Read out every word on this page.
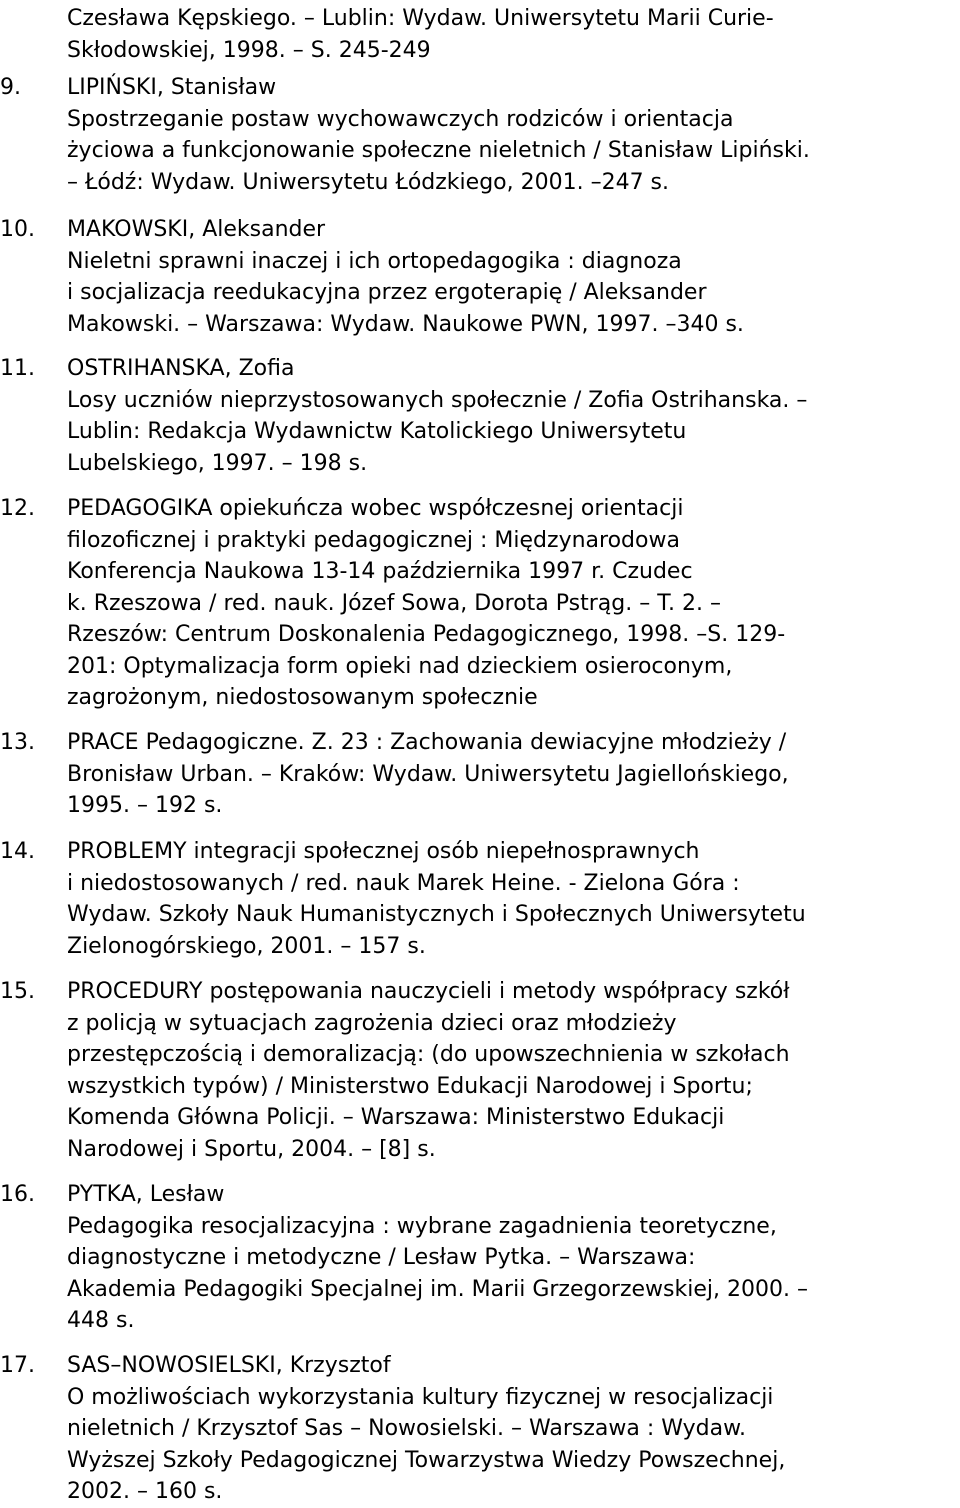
Czesława Kępskiego. – Lublin: Wydaw. Uniwersytetu Marii Curie-
Skłodowskiej, 1998. – S. 245-249
9.	LIPIŃSKI, Stanisław
Spostrzeganie postaw wychowawczych rodziców i orientacja
życiowa a funkcjonowanie społeczne nieletnich / Stanisław Lipiński.
– Łódź: Wydaw. Uniwersytetu Łódzkiego, 2001. –247 s.
10.	MAKOWSKI, Aleksander
Nieletni sprawni inaczej i ich ortopedagogika : diagnoza
i socjalizacja reedukacyjna przez ergoterapię / Aleksander
Makowski. – Warszawa: Wydaw. Naukowe PWN, 1997. –340 s.
11.	OSTRIHANSKA, Zofia
Losy uczniów nieprzystosowanych społecznie / Zofia Ostrihanska. –
Lublin: Redakcja Wydawnictw Katolickiego Uniwersytetu
Lubelskiego, 1997. – 198 s.
12.	PEDAGOGIKA opiekuńcza wobec współczesnej orientacji
filozoficznej i praktyki pedagogicznej : Międzynarodowa
Konferencja Naukowa 13-14 października 1997 r. Czudec
k. Rzeszowa / red. nauk. Józef Sowa, Dorota Pstrąg. – T. 2. –
Rzeszów: Centrum Doskonalenia Pedagogicznego, 1998. –S. 129-
201: Optymalizacja form opieki nad dzieckiem osieroconym,
zagrożonym, niedostosowanym społecznie
13.	PRACE Pedagogiczne. Z. 23 : Zachowania dewiacyjne młodzieży /
Bronisław Urban. – Kraków: Wydaw. Uniwersytetu Jagiellońskiego,
1995. – 192 s.
14.	PROBLEMY integracji społecznej osób niepełnosprawnych
i niedostosowanych / red. nauk Marek Heine. - Zielona Góra :
Wydaw. Szkoły Nauk Humanistycznych i Społecznych Uniwersytetu
Zielonogórskiego, 2001. – 157 s.
15.	PROCEDURY postępowania nauczycieli i metody współpracy szkół
z policją w sytuacjach zagrożenia dzieci oraz młodzieży
przestępczością i demoralizacją: (do upowszechnienia w szkołach
wszystkich typów) / Ministerstwo Edukacji Narodowej i Sportu;
Komenda Główna Policji. – Warszawa: Ministerstwo Edukacji
Narodowej i Sportu, 2004. – [8] s.
16.	PYTKA, Lesław
Pedagogika resocjalizacyjna : wybrane zagadnienia teoretyczne,
diagnostyczne i metodyczne / Lesław Pytka. – Warszawa:
Akademia Pedagogiki Specjalnej im. Marii Grzegorzewskiej, 2000. –
448 s.
17.	SAS–NOWOSIELSKI, Krzysztof
O możliwościach wykorzystania kultury fizycznej w resocjalizacji
nieletnich / Krzysztof Sas – Nowosielski. – Warszawa : Wydaw.
Wyższej Szkoły Pedagogicznej Towarzystwa Wiedzy Powszechnej,
2002. – 160 s.
